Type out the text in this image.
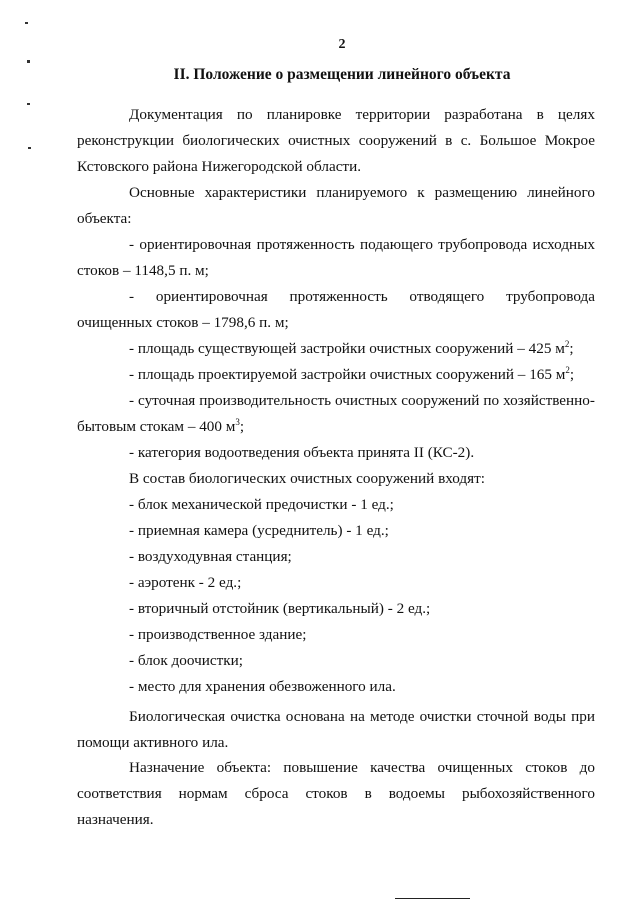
2
II. Положение о размещении линейного объекта
Документация по планировке территории разработана в целях
реконструкции биологических очистных сооружений в с. Большое Мокрое
Кстовского района Нижегородской области.
Основные характеристики планируемого к размещению линейного
объекта:
- ориентировочная протяженность подающего трубопровода исходных
стоков – 1148,5 п. м;
- ориентировочная протяженность отводящего трубопровода
очищенных стоков – 1798,6 п. м;
- площадь существующей застройки очистных сооружений – 425 $м^2$;
- площадь проектируемой застройки очистных сооружений – 165 $м^2$;
- суточная производительность очистных сооружений по хозяйственно-
бытовым стокам – 400 $м^3$;
- категория водоотведения объекта принята II (КС-2).
В состав биологических очистных сооружений входят:
- блок механической предочистки - 1 ед.;
- приемная камера (усреднитель) - 1 ед.;
- воздуходувная станция;
- аэротенк - 2 ед.;
- вторичный отстойник (вертикальный) - 2 ед.;
- производственное здание;
- блок доочистки;
- место для хранения обезвоженного ила.
Биологическая очистка основана на методе очистки сточной воды при
помощи активного ила.
Назначение объекта: повышение качества очищенных стоков до
соответствия нормам сброса стоков в водоемы рыбохозяйственного
назначения.
